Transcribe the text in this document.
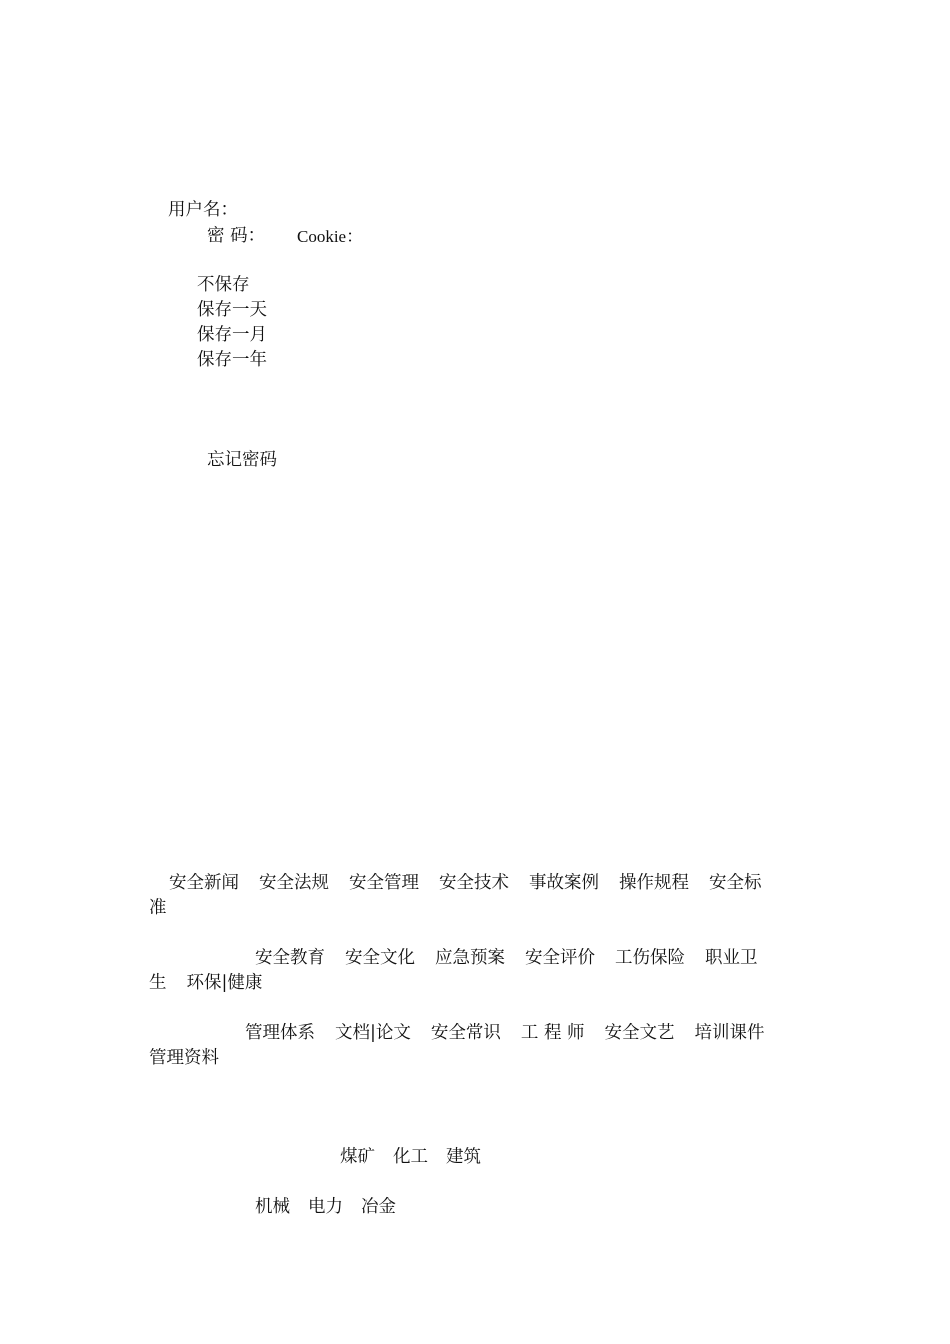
用户名：
密 码： Cookie：
不保存
保存一天
保存一月
保存一年
忘记密码
安全新闻 安全法规 安全管理 安全技术 事故案例 操作规程 安全标
准
安全教育 安全文化 应急预案 安全评价 工伤保险 职业卫
生 环保|健康
管理体系 文档|论文 安全常识 工 程 师 安全文艺 培训课件
管理资料
煤矿 化工 建筑
机械 电力 冶金
